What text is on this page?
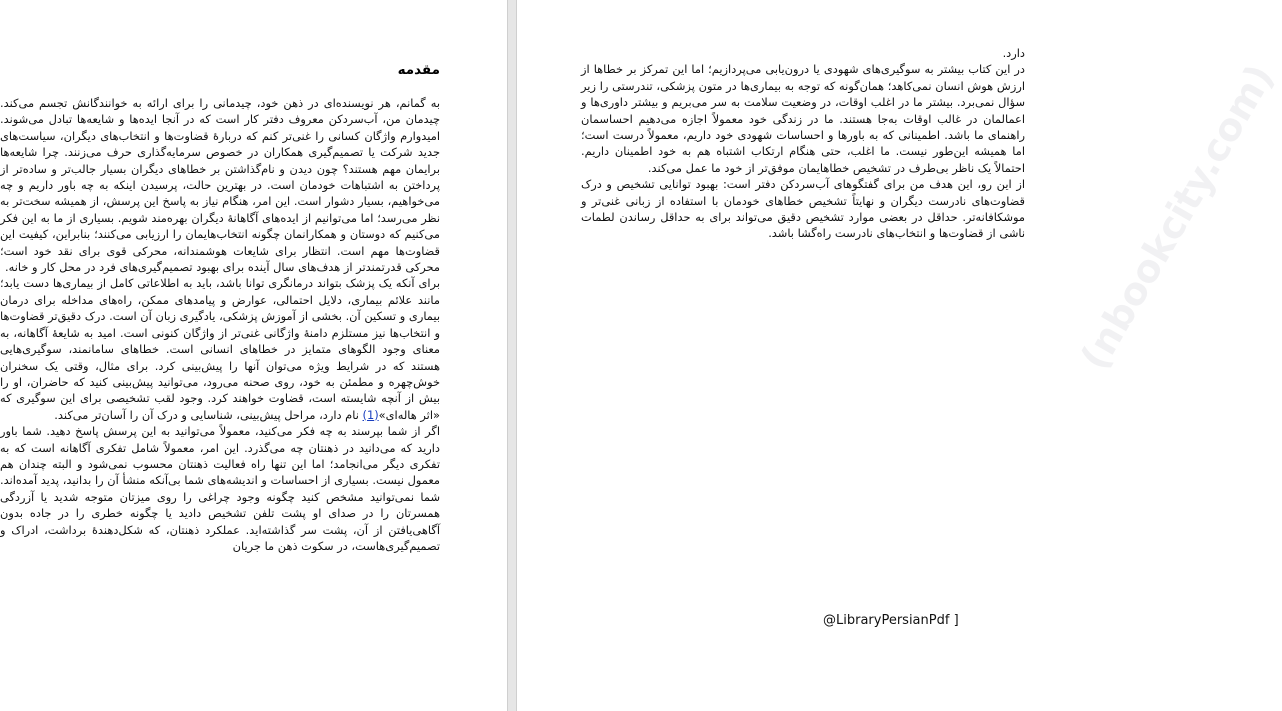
مقدمه

به گمانم، هر نویسنده‌ای در ذهن خود، چیدمانی را برای ارائه به خوانندگانش تجسم می‌کند. چیدمان من، آب‌سردکن معروف دفتر کار است که در آنجا ایده‌ها و شایعه‌ها تبادل می‌شوند. امیدوارم واژگان کسانی را غنی‌تر کنم که دربارهٔ قضاوت‌ها و انتخاب‌های دیگران، سیاست‌های جدید شرکت یا تصمیم‌گیری همکاران در خصوص سرمایه‌گذاری حرف می‌زنند. چرا شایعه‌ها برایمان مهم هستند؟ چون دیدن و نام‌گذاشتن بر خطاهای دیگران بسیار جالب‌تر و ساده‌تر از پرداختن به اشتباهات خودمان است. در بهترین حالت، پرسیدن اینکه به چه باور داریم و چه می‌خواهیم، بسیار دشوار است. این امر، هنگام نیاز به پاسخ این پرسش، از همیشه سخت‌تر به نظر می‌رسد؛ اما می‌توانیم از ایده‌های آگاهانهٔ دیگران بهره‌مند شویم. بسیاری از ما به این فکر می‌کنیم که دوستان و همکارانمان چگونه انتخاب‌هایمان را ارزیابی می‌کنند؛ بنابراین، کیفیت این قضاوت‌ها مهم است. انتظار برای شایعات هوشمندانه، محرکی قوی برای نقد خود است؛ محرکی قدرتمندتر از هدف‌های سال آینده برای بهبود تصمیم‌گیری‌های فرد در محل کار و خانه.

برای آنکه یک پزشک بتواند درمانگری توانا باشد، باید به اطلاعاتی کامل از بیماری‌ها دست یابد؛ مانند علائم بیماری، دلایل احتمالی، عوارض و پیامدهای ممکن، راه‌های مداخله برای درمان بیماری و تسکین آن. بخشی از آموزش پزشکی، یادگیری زبان آن است. درک دقیق‌تر قضاوت‌ها و انتخاب‌ها نیز مستلزم دامنهٔ واژگانی غنی‌تر از واژگان کنونی است. امید به شایعهٔ آگاهانه، به معنای وجود الگوهای متمایز در خطاهای انسانی است. خطاهای سامانمند، سوگیری‌هایی هستند که در شرایط ویژه می‌توان آنها را پیش‌بینی کرد. برای مثال، وقتی یک سخنران خوش‌چهره و مطمئن به خود، روی صحنه می‌رود، می‌توانید پیش‌بینی کنید که حاضران، او را بیش از آنچه شایسته است، قضاوت خواهند کرد. وجود لقب تشخیصی برای این سوگیری که «اثر هاله‌ای»(1) نام دارد، مراحل پیش‌بینی، شناسایی و درک آن را آسان‌تر می‌کند.

اگر از شما بپرسند به چه فکر می‌کنید، معمولاً می‌توانید به این پرسش پاسخ دهید. شما باور دارید که می‌دانید در ذهنتان چه می‌گذرد. این امر، معمولاً شامل تفکری آگاهانه است که به تفکری دیگر می‌انجامد؛ اما این تنها راه فعالیت ذهنتان محسوب نمی‌شود و البته چندان هم معمول نیست. بسیاری از احساسات و اندیشه‌های شما بی‌آنکه منشأ آن را بدانید، پدید آمده‌اند. شما نمی‌توانید مشخص کنید چگونه وجود چراغی را روی میزتان متوجه شدید یا آزردگی همسرتان را در صدای او پشت تلفن تشخیص دادید یا چگونه خطری را در جاده بدون آگاهی‌یافتن از آن، پشت سر گذاشته‌اید. عملکرد ذهنتان، که شکل‌دهندهٔ برداشت، ادراک و تصمیم‌گیری‌هاست، در سکوت ذهن ما جریان

(nbookcity.com)

دارد.

در این کتاب بیشتر به سوگیری‌های شهودی یا درون‌یابی می‌پردازیم؛ اما این تمرکز بر خطاها از ارزش هوش انسان نمی‌کاهد؛ همان‌گونه که توجه به بیماری‌ها در متون پزشکی، تندرستی را زیر سؤال نمی‌برد. بیشتر ما در اغلب اوقات، در وضعیت سلامت به سر می‌بریم و بیشتر داوری‌ها و اعمالمان در غالب اوقات به‌جا هستند. ما در زندگی خود معمولاً اجازه می‌دهیم احساسمان راهنمای ما باشد. اطمینانی که به باورها و احساسات شهودی خود داریم، معمولاً درست است؛ اما همیشه این‌طور نیست. ما اغلب، حتی هنگام ارتکاب اشتباه هم به خود اطمینان داریم. احتمالاً یک ناظر بی‌طرف در تشخیص خطاهایمان موفق‌تر از خود ما عمل می‌کند.

از این رو، این هدف من برای گفتگوهای آب‌سردکن دفتر است: بهبود توانایی تشخیص و درک قضاوت‌های نادرست دیگران و نهایتاً تشخیص خطاهای خودمان با استفاده از زبانی غنی‌تر و موشکافانه‌تر. حداقل در بعضی موارد تشخیص دقیق می‌تواند برای به حداقل رساندن لطمات ناشی از قضاوت‌ها و انتخاب‌های نادرست راه‌گشا باشد.

@LibraryPersianPdf ]
